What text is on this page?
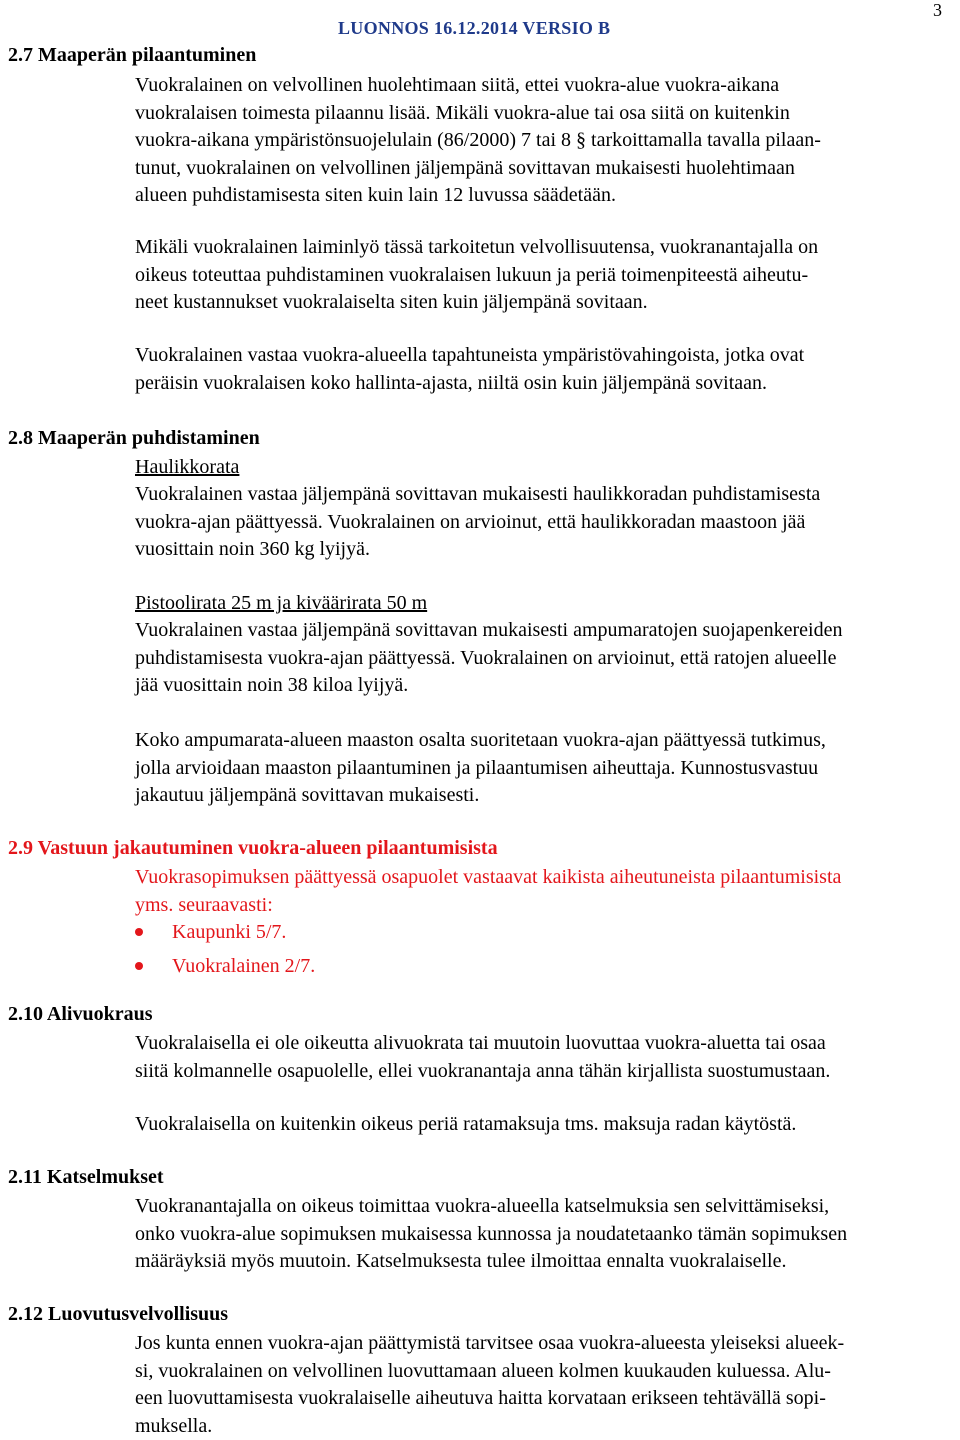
LUONNOS 16.12.2014 VERSIO B
3
2.7 Maaperän pilaantuminen
Vuokralainen on velvollinen huolehtimaan siitä, ettei vuokra-alue vuokra-aikana
vuokralaisen toimesta pilaannu lisää. Mikäli vuokra-alue tai osa siitä on kuitenkin
vuokra-aikana ympäristönsuojelulain (86/2000) 7 tai 8 § tarkoittamalla tavalla pilaan-
tunut, vuokralainen on velvollinen jäljempänä sovittavan mukaisesti huolehtimaan
alueen puhdistamisesta siten kuin lain 12 luvussa säädetään.
Mikäli vuokralainen laiminlyö tässä tarkoitetun velvollisuutensa, vuokranantajalla on
oikeus toteuttaa puhdistaminen vuokralaisen lukuun ja periä toimenpiteestä aiheutu-
neet kustannukset vuokralaiselta siten kuin jäljempänä sovitaan.
Vuokralainen vastaa vuokra-alueella tapahtuneista ympäristövahingoista, jotka ovat
peräisin vuokralaisen koko hallinta-ajasta, niiltä osin kuin jäljempänä sovitaan.
2.8 Maaperän puhdistaminen
Haulikkorata
Vuokralainen vastaa jäljempänä sovittavan mukaisesti haulikkoradan puhdistamisesta
vuokra-ajan päättyessä. Vuokralainen on arvioinut, että haulikkoradan maastoon jää
vuosittain noin 360 kg lyijyä.
Pistoolirata 25 m ja kiväärirata 50 m
Vuokralainen vastaa jäljempänä sovittavan mukaisesti ampumaratojen suojapenkereiden
puhdistamisesta vuokra-ajan päättyessä. Vuokralainen on arvioinut, että ratojen alueelle
jää vuosittain noin 38 kiloa lyijyä.
Koko ampumarata-alueen maaston osalta suoritetaan vuokra-ajan päättyessä tutkimus,
jolla arvioidaan maaston pilaantuminen ja pilaantumisen aiheuttaja. Kunnostusvastuu
jakautuu jäljempänä sovittavan mukaisesti.
2.9 Vastuun jakautuminen vuokra-alueen pilaantumisista
Vuokrasopimuksen päättyessä osapuolet vastaavat kaikista aiheutuneista pilaantumisista
yms. seuraavasti:
Kaupunki 5/7.
Vuokralainen 2/7.
2.10 Alivuokraus
Vuokralaisella ei ole oikeutta alivuokrata tai muutoin luovuttaa vuokra-aluetta tai osaa
siitä kolmannelle osapuolelle, ellei vuokranantaja anna tähän kirjallista suostumustaan.
Vuokralaisella on kuitenkin oikeus periä ratamaksuja tms. maksuja radan käytöstä.
2.11 Katselmukset
Vuokranantajalla on oikeus toimittaa vuokra-alueella katselmuksia sen selvittämiseksi,
onko vuokra-alue sopimuksen mukaisessa kunnossa ja noudatetaanko tämän sopimuksen
määräyksiä myös muutoin. Katselmuksesta tulee ilmoittaa ennalta vuokralaiselle.
2.12 Luovutusvelvollisuus
Jos kunta ennen vuokra-ajan päättymistä tarvitsee osaa vuokra-alueesta yleiseksi alueek-
si, vuokralainen on velvollinen luovuttamaan alueen kolmen kuukauden kuluessa. Alu-
een luovuttamisesta vuokralaiselle aiheutuva haitta korvataan erikseen tehtävällä sopi-
muksella.
